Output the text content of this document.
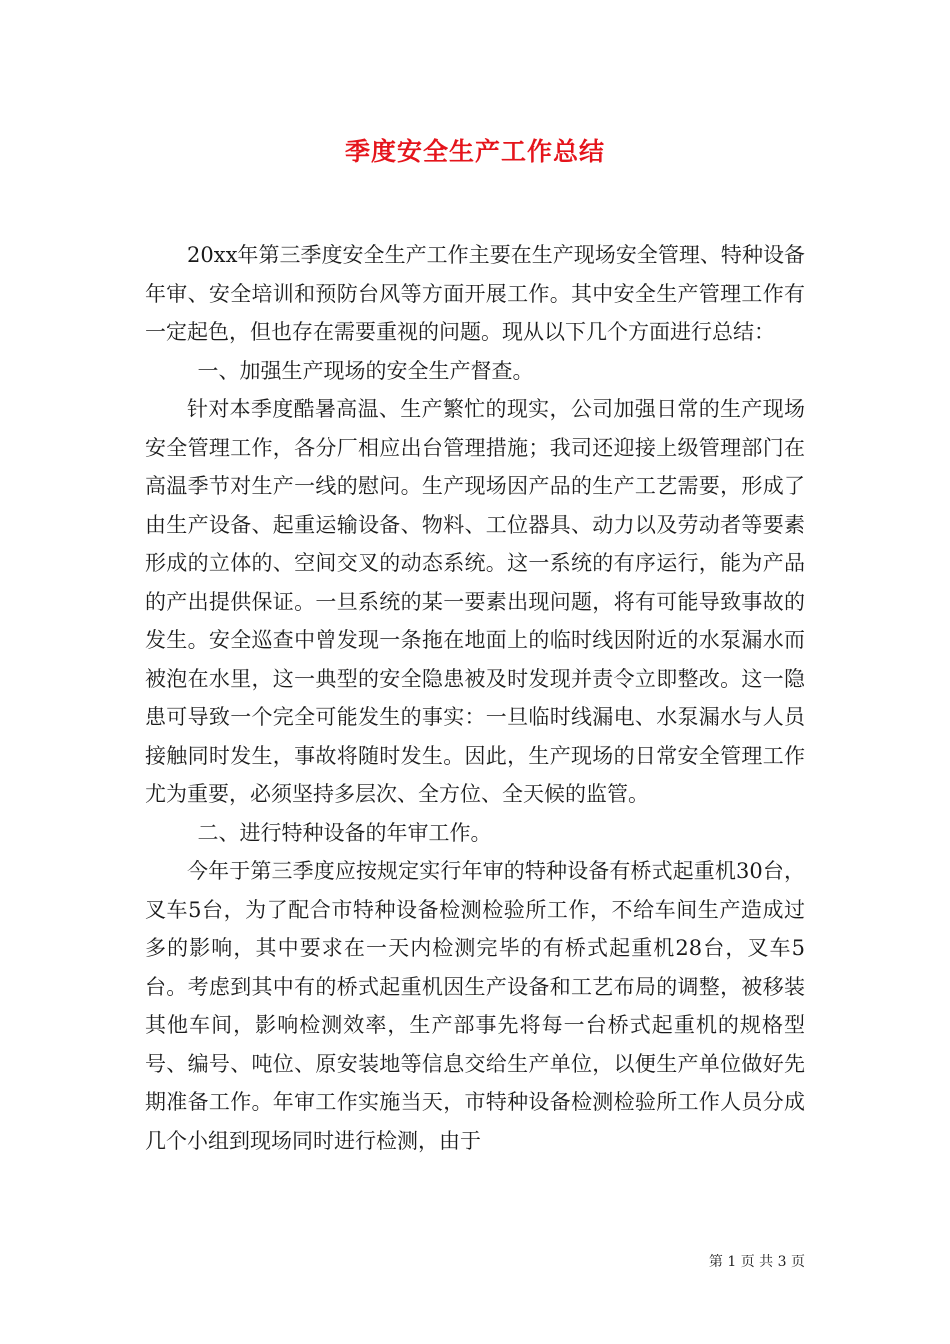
季度安全生产工作总结

20xx年第三季度安全生产工作主要在生产现场安全管理、特种设备年审、安全培训和预防台风等方面开展工作。其中安全生产管理工作有一定起色，但也存在需要重视的问题。现从以下几个方面进行总结：

一、加强生产现场的安全生产督查。

针对本季度酷暑高温、生产繁忙的现实，公司加强日常的生产现场安全管理工作，各分厂相应出台管理措施；我司还迎接上级管理部门在高温季节对生产一线的慰问。生产现场因产品的生产工艺需要，形成了由生产设备、起重运输设备、物料、工位器具、动力以及劳动者等要素形成的立体的、空间交叉的动态系统。这一系统的有序运行，能为产品的产出提供保证。一旦系统的某一要素出现问题，将有可能导致事故的发生。安全巡查中曾发现一条拖在地面上的临时线因附近的水泵漏水而被泡在水里，这一典型的安全隐患被及时发现并责令立即整改。这一隐患可导致一个完全可能发生的事实：一旦临时线漏电、水泵漏水与人员接触同时发生，事故将随时发生。因此，生产现场的日常安全管理工作尤为重要，必须坚持多层次、全方位、全天候的监管。

二、进行特种设备的年审工作。

今年于第三季度应按规定实行年审的特种设备有桥式起重机30台，叉车5台，为了配合市特种设备检测检验所工作，不给车间生产造成过多的影响，其中要求在一天内检测完毕的有桥式起重机28台，叉车5台。考虑到其中有的桥式起重机因生产设备和工艺布局的调整，被移装其他车间，影响检测效率，生产部事先将每一台桥式起重机的规格型号、编号、吨位、原安装地等信息交给生产单位，以便生产单位做好先期准备工作。年审工作实施当天，市特种设备检测检验所工作人员分成几个小组到现场同时进行检测，由于

第 1 页 共 3 页
